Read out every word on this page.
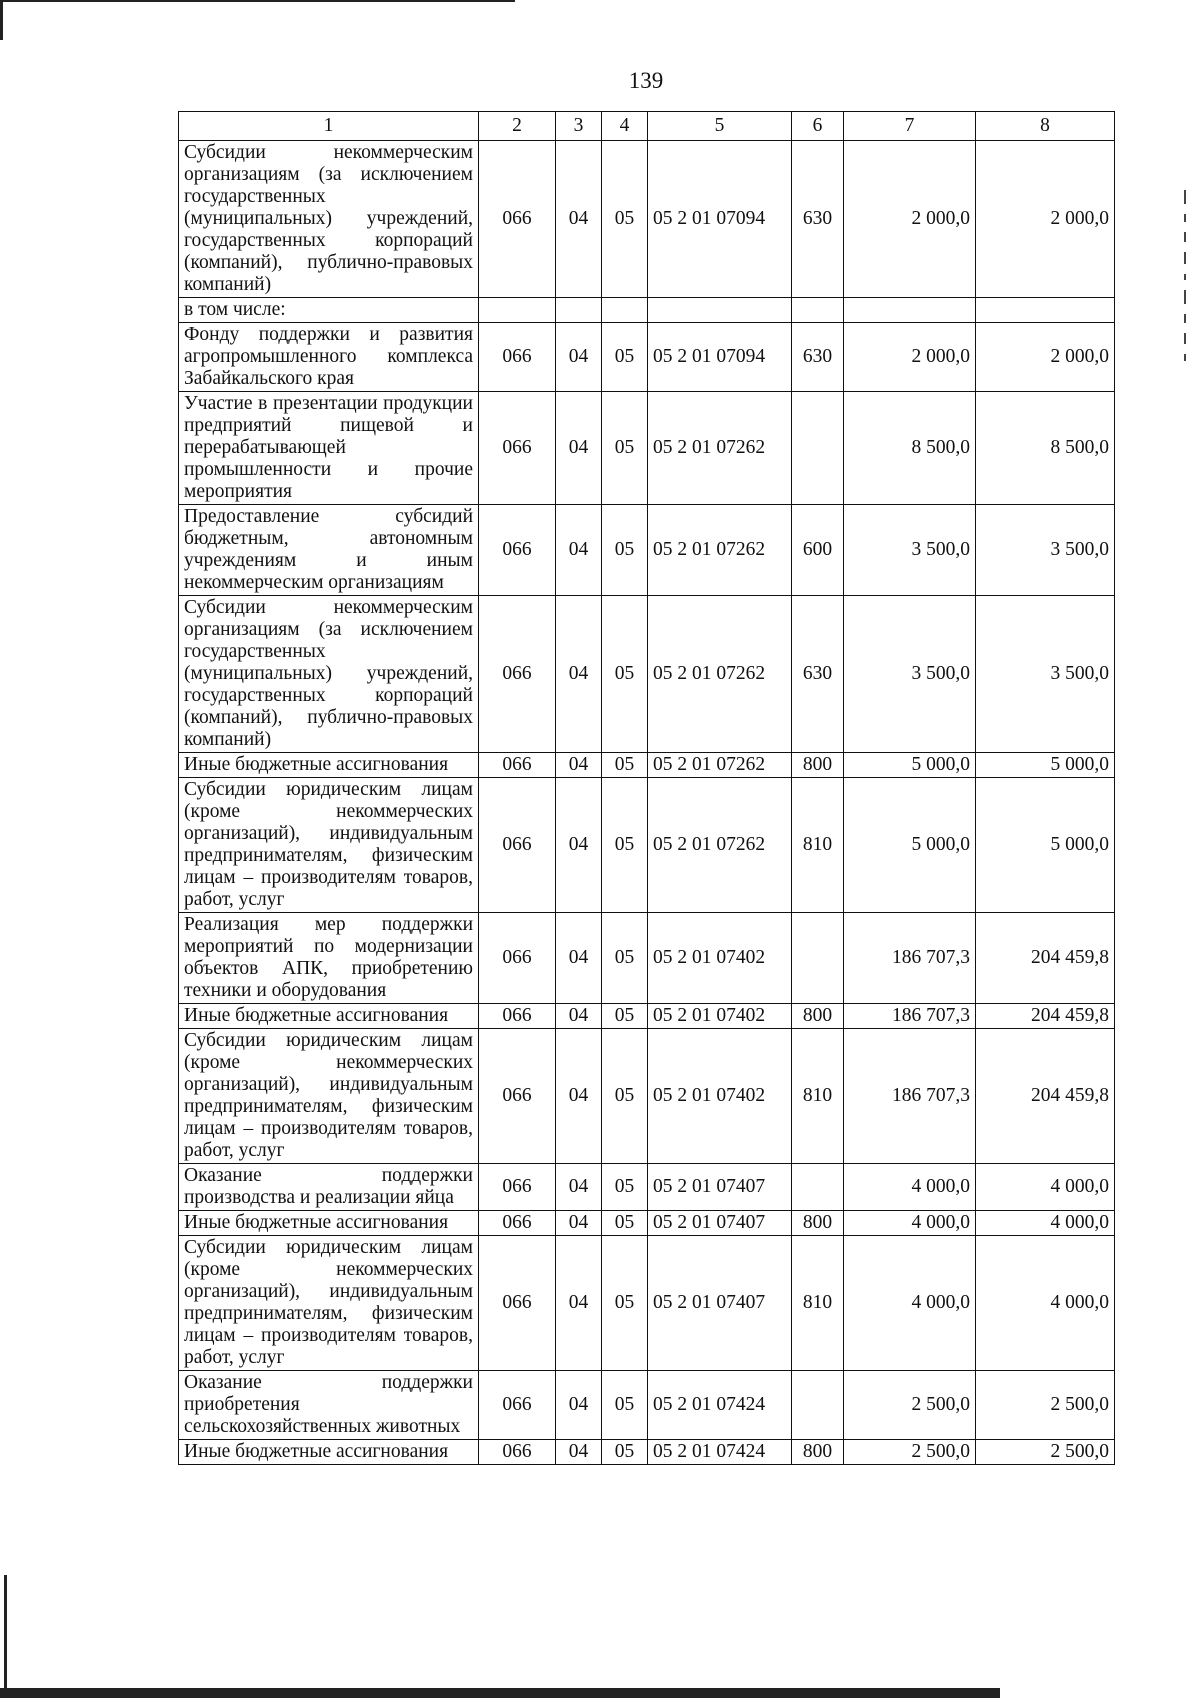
139
1	2	3	4	5	6	7	8
Субсидии некоммерческим организациям (за исключением государственных (муниципальных) учреждений, государственных корпораций (компаний), публично-правовых компаний)	066	04	05	05 2 01 07094	630	2 000,0	2 000,0
в том числе:							
Фонду поддержки и развития агропромышленного комплекса Забайкальского края	066	04	05	05 2 01 07094	630	2 000,0	2 000,0
Участие в презентации продукции предприятий пищевой и перерабатывающей промышленности и прочие мероприятия	066	04	05	05 2 01 07262		8 500,0	8 500,0
Предоставление субсидий бюджетным, автономным учреждениям и иным некоммерческим организациям	066	04	05	05 2 01 07262	600	3 500,0	3 500,0
Субсидии некоммерческим организациям (за исключением государственных (муниципальных) учреждений, государственных корпораций (компаний), публично-правовых компаний)	066	04	05	05 2 01 07262	630	3 500,0	3 500,0
Иные бюджетные ассигнования	066	04	05	05 2 01 07262	800	5 000,0	5 000,0
Субсидии юридическим лицам (кроме некоммерческих организаций), индивидуальным предпринимателям, физическим лицам – производителям товаров, работ, услуг	066	04	05	05 2 01 07262	810	5 000,0	5 000,0
Реализация мер поддержки мероприятий по модернизации объектов АПК, приобретению техники и оборудования	066	04	05	05 2 01 07402		186 707,3	204 459,8
Иные бюджетные ассигнования	066	04	05	05 2 01 07402	800	186 707,3	204 459,8
Субсидии юридическим лицам (кроме некоммерческих организаций), индивидуальным предпринимателям, физическим лицам – производителям товаров, работ, услуг	066	04	05	05 2 01 07402	810	186 707,3	204 459,8
Оказание поддержки производства и реализации яйца	066	04	05	05 2 01 07407		4 000,0	4 000,0
Иные бюджетные ассигнования	066	04	05	05 2 01 07407	800	4 000,0	4 000,0
Субсидии юридическим лицам (кроме некоммерческих организаций), индивидуальным предпринимателям, физическим лицам – производителям товаров, работ, услуг	066	04	05	05 2 01 07407	810	4 000,0	4 000,0
Оказание поддержки приобретения сельскохозяйственных животных	066	04	05	05 2 01 07424		2 500,0	2 500,0
Иные бюджетные ассигнования	066	04	05	05 2 01 07424	800	2 500,0	2 500,0
